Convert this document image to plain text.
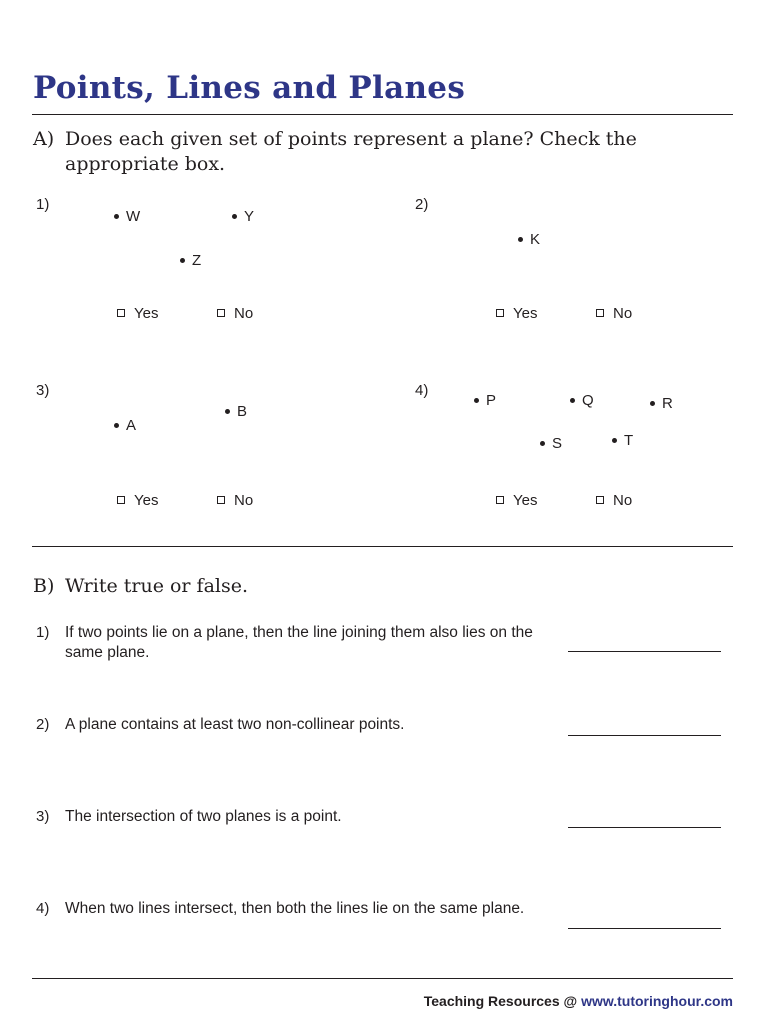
Points, Lines and Planes
A) Does each given set of points represent a plane? Check the appropriate box.
1)
W	Y
Z
Yes	No
2)
K
Yes	No
3)
A
B
Yes	No
4)
P	Q	R
S	T
Yes	No
B) Write true or false.
1) If two points lie on a plane, then the line joining them also lies on the same plane.
2) A plane contains at least two non-collinear points.
3) The intersection of two planes is a point.
4) When two lines intersect, then both the lines lie on the same plane.
Teaching Resources @ www.tutoringhour.com
